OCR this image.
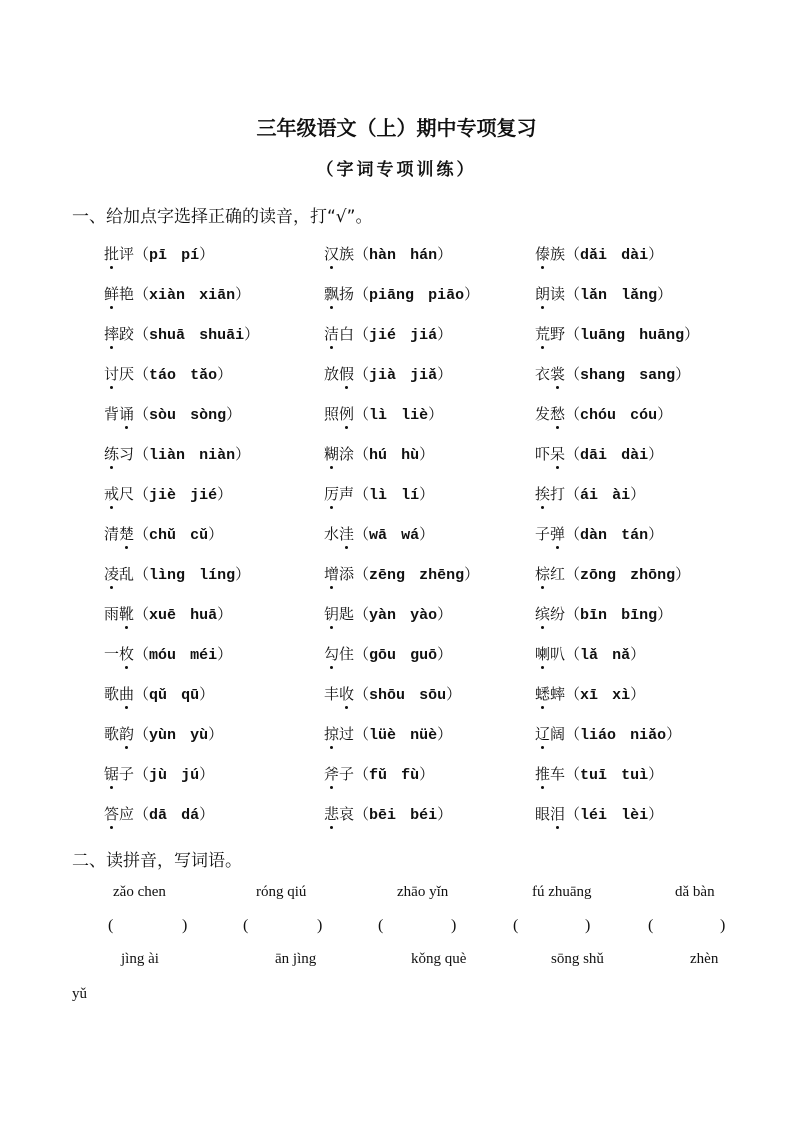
三年级语文（上）期中专项复习
（字词专项训练）
一、给加点字选择正确的读音，打“√”。
批评（pī pí）	汉族（hàn hán）	傣族（dǎi dài）
鲜艳（xiàn xiān）	飘扬（piāng piāo）	朗读（lǎn lǎng）
摔跤（shuā shuāi）	洁白（jié jiá）	荒野（luāng huāng）
讨厌（táo tǎo）	放假（jià jiǎ）	衣裳（shang sang）
背诵（sòu sòng）	照例（lì liè）	发愁（chóu cóu）
练习（liàn niàn）	糊涂（hú hù）	吓呆（dāi dài）
戒尺（jiè jié）	厉声（lì lí）	挨打（ái ài）
清楚（chǔ cǔ）	水洼（wā wá）	子弹（dàn tán）
凌乱（lìng líng）	增添（zēng zhēng）	棕红（zōng zhōng）
雨靴（xuē huā）	钥匙（yàn yào）	缤纷（bīn bīng）
一枚（móu méi）	勾住（gōu guō）	喇叭（lǎ nǎ）
歌曲（qǔ qū）	丰收（shōu sōu）	蟋蟀（xī xì）
歌韵（yùn yù）	掠过（lüè nüè）	辽阔（liáo niǎo）
锯子（jù jú）	斧子（fǔ fù）	推车（tuī tuì）
答应（dā dá）	悲哀（bēi béi）	眼泪（léi lèi）
二、读拼音，写词语。
zǎo chen	róng qiú	zhāo yǐn	fú zhuāng	dǎ bàn
(	)	(	)	(	)	(	)	(	)
jìng ài	ān jìng	kǒng què	sōng shǔ	zhèn
yǔ
